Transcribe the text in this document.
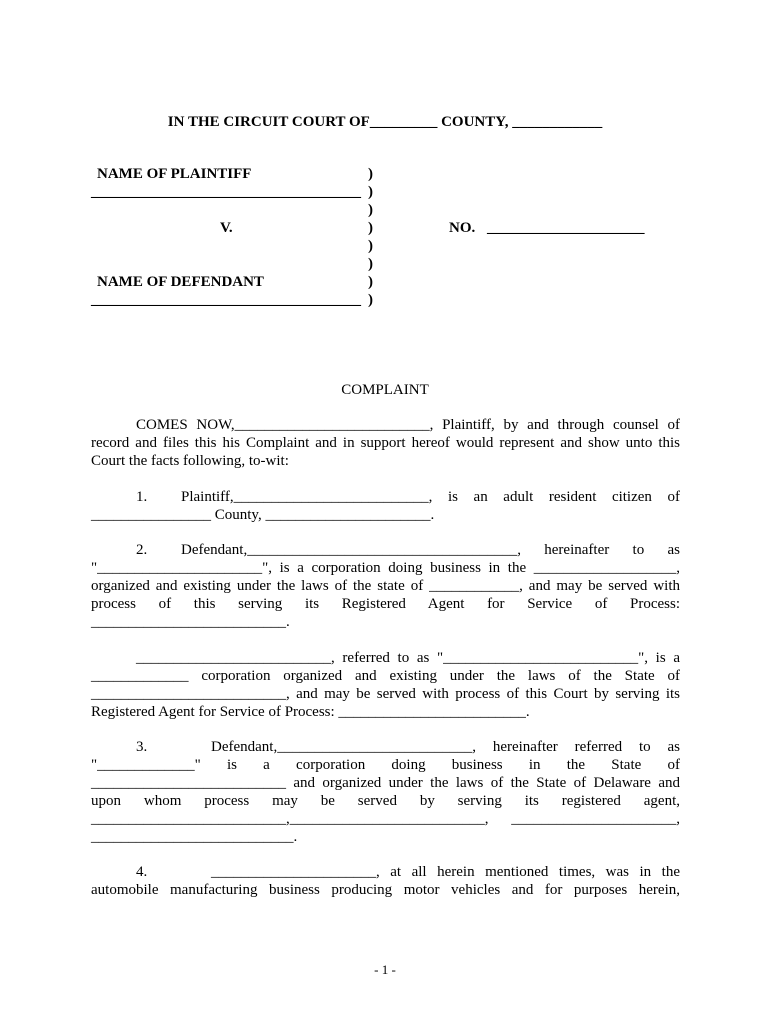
IN THE CIRCUIT COURT OF_________ COUNTY, ____________
NAME OF PLAINTIFF
____________________________________
V.
NAME OF DEFENDANT
____________________________________
)
)
)
)
)
)
)
)
NO. _____________________
COMPLAINT
COMES NOW,__________________________, Plaintiff, by and through counsel of
record and files this his Complaint and in support hereof would represent and show unto this
Court the facts following, to-wit:
1. Plaintiff,__________________________, is an adult resident citizen of
________________ County, ______________________.
2. Defendant,____________________________________, hereinafter to as
"______________________", is a corporation doing business in the ___________________,
organized and existing under the laws of the state of ____________, and may be served with
process of this serving its Registered Agent for Service of Process:
__________________________.
__________________________, referred to as "__________________________", is a
_____________ corporation organized and existing under the laws of the State of
__________________________, and may be served with process of this Court by serving its
Registered Agent for Service of Process: _________________________.
3.	Defendant,__________________________, hereinafter referred to as
"_____________" is a corporation doing business in the State of
__________________________ and organized under the laws of the State of Delaware and
upon whom process may be served by serving its registered agent,
__________________________,__________________________, ______________________,
___________________________.
4.	______________________, at all herein mentioned times, was in the
automobile manufacturing business producing motor vehicles and for purposes herein,
- 1 -
